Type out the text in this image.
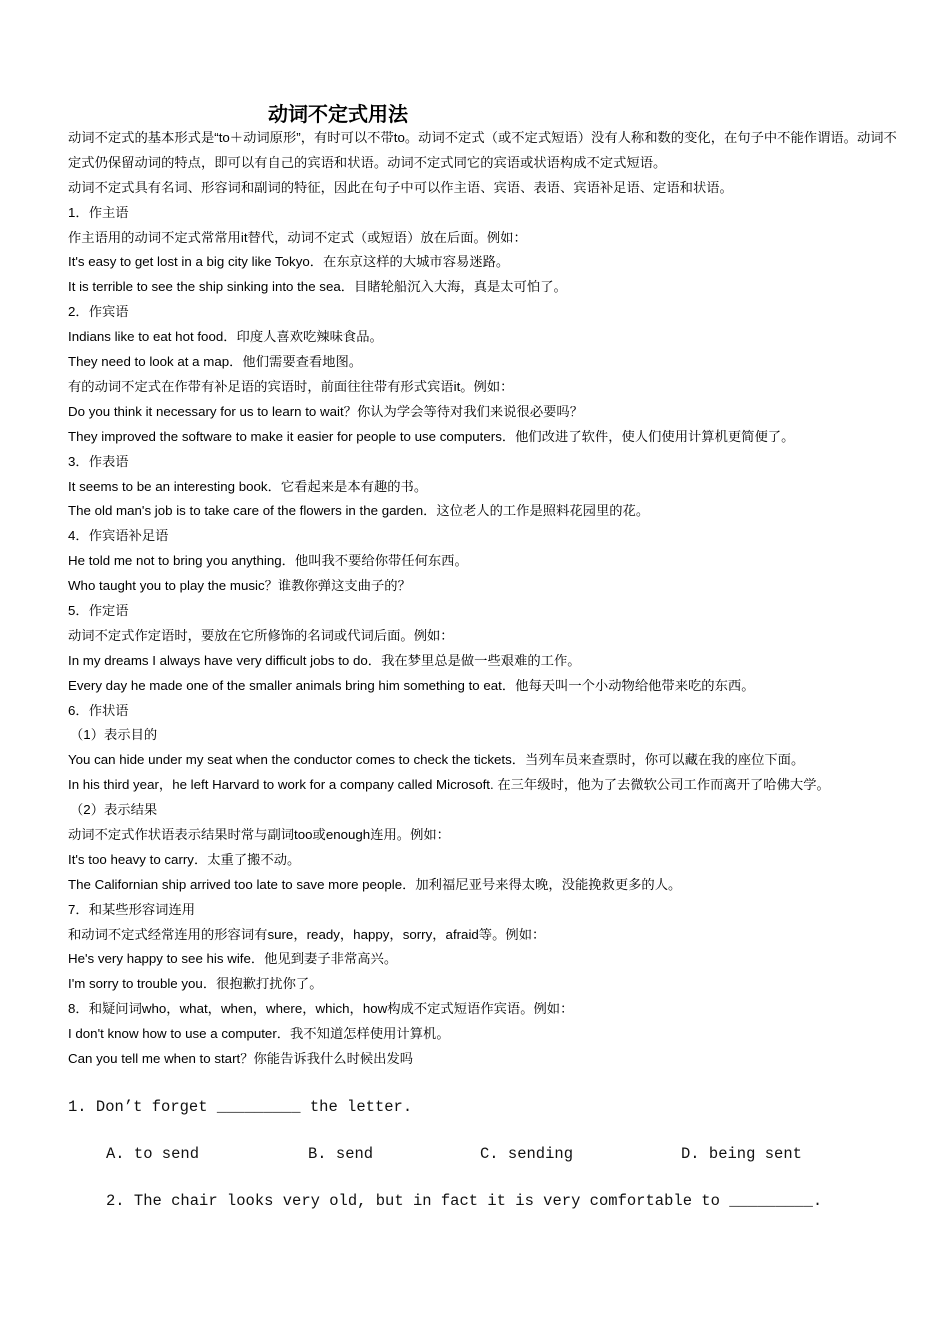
动词不定式用法
动词不定式的基本形式是“to＋动词原形”，有时可以不带to。动词不定式（或不定式短语）没有人称和数的变化，在句子中不能作谓语。动词不定式仍保留动词的特点，即可以有自己的宾语和状语。动词不定式同它的宾语或状语构成不定式短语。
动词不定式具有名词、形容词和副词的特征，因此在句子中可以作主语、宾语、表语、宾语补足语、定语和状语。
1．作主语
作主语用的动词不定式常常用it替代，动词不定式（或短语）放在后面。例如：
It's easy to get lost in a big city like Tokyo．在东京这样的大城市容易迷路。
It is terrible to see the ship sinking into the sea．目睹轮船沉入大海，真是太可怕了。
2．作宾语
Indians like to eat hot food．印度人喜欢吃辣味食品。
They need to look at a map．他们需要查看地图。
有的动词不定式在作带有补足语的宾语时，前面往往带有形式宾语it。例如：
Do you think it necessary for us to learn to wait？你认为学会等待对我们来说很必要吗？
They improved the software to make it easier for people to use computers．他们改进了软件，使人们使用计算机更简便了。
3．作表语
It seems to be an interesting book．它看起来是本有趣的书。
The old man's job is to take care of the flowers in the garden．这位老人的工作是照料花园里的花。
4．作宾语补足语
He told me not to bring you anything．他叫我不要给你带任何东西。
Who taught you to play the music？谁教你弹这支曲子的？
5．作定语
动词不定式作定语时，要放在它所修饰的名词或代词后面。例如：
In my dreams I always have very difficult jobs to do．我在梦里总是做一些艰难的工作。
Every day he made one of the smaller animals bring him something to eat．他每天叫一个小动物给他带来吃的东西。
6．作状语
（1）表示目的
You can hide under my seat when the conductor comes to check the tickets．当列车员来查票时，你可以藏在我的座位下面。
In his third year，he left Harvard to work for a company called Microsoft. 在三年级时，他为了去微软公司工作而离开了哈佛大学。
（2）表示结果
动词不定式作状语表示结果时常与副词too或enough连用。例如：
It's too heavy to carry．太重了搬不动。
The Californian ship arrived too late to save more people．加利福尼亚号来得太晚，没能挽救更多的人。
7．和某些形容词连用
和动词不定式经常连用的形容词有sure，ready，happy，sorry，afraid等。例如：
He's very happy to see his wife．他见到妻子非常高兴。
I'm sorry to trouble you．很抱歉打扰你了。
8．和疑问词who，what，when，where，which，how构成不定式短语作宾语。例如：
I don't know how to use a computer．我不知道怎样使用计算机。
Can you tell me when to start？你能告诉我什么时候出发吗
1. Don’t forget _________ the letter.
A. to send	B. send	C. sending	D. being sent
2. The chair looks very old, but in fact it is very comfortable to _________.
